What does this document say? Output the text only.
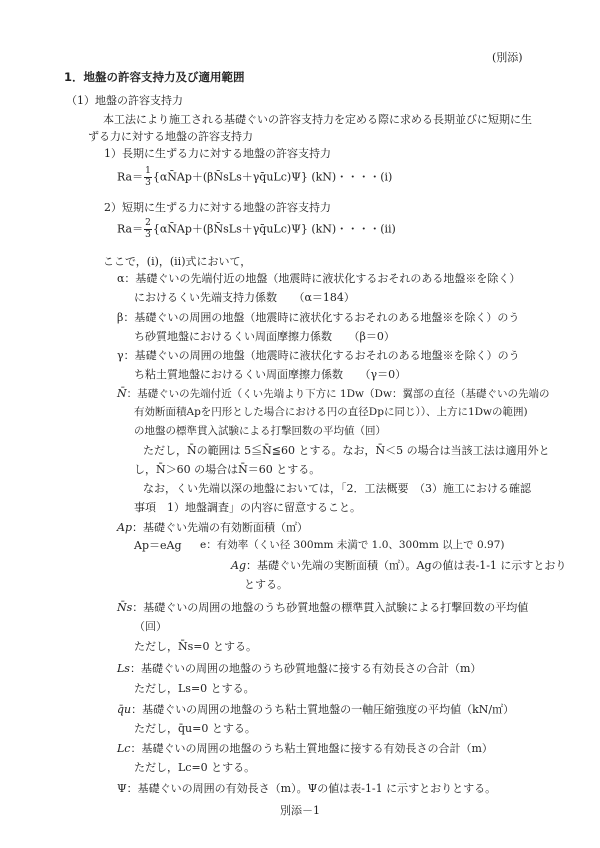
(別添)
1．地盤の許容支持力及び適用範囲
（1）地盤の許容支持力
本工法により施工される基礎ぐいの許容支持力を定める際に求める長期並びに短期に生
ずる力に対する地盤の許容支持力
1）長期に生ずる力に対する地盤の許容支持力
$Ra= \frac{1}{3}$ {αN̄Ap＋(βN̄sLs＋γq̄uLc)Ψ} (kN)・・・・(ⅰ)
2）短期に生ずる力に対する地盤の許容支持力
$Ra= \frac{2}{3}$ {αN̄Ap＋(βN̄sLs＋γq̄uLc)Ψ} (kN)・・・・(ⅱ)
ここで，(ⅰ)，(ⅱ)式において，
α：基礎ぐいの先端付近の地盤（地震時に液状化するおそれのある地盤※を除く）
におけるくい先端支持力係数　　（α＝184）
β：基礎ぐいの周囲の地盤（地震時に液状化するおそれのある地盤※を除く）のう
ち砂質地盤におけるくい周面摩擦力係数　　（β＝0）
γ：基礎ぐいの周囲の地盤（地震時に液状化するおそれのある地盤※を除く）のう
ち粘土質地盤におけるくい周面摩擦力係数　　（γ＝0）
N̄：基礎ぐいの先端付近（くい先端より下方に 1Dw（Dw：翼部の直径（基礎ぐいの先端の
有効断面積Apを円形とした場合における円の直径Dpに同じ））、上方に1Dwの範囲)
の地盤の標準貫入試験による打撃回数の平均値（回）
ただし，N̄の範囲は 5≦N̄≦60 とする。なお，N̄＜5 の場合は当該工法は適用外と
し，N̄＞60 の場合はN̄＝60 とする。
なお，くい先端以深の地盤においては，「2．工法概要　（3）施工における確認
事項　1）地盤調査」の内容に留意すること。
Ap：基礎ぐい先端の有効断面積（㎡）
Ap＝eAg e：有効率（くい径 300mm 未満で 1.0、300mm 以上で 0.97)
Ag：基礎ぐい先端の実断面積（㎡）。Agの値は表-1-1 に示すとおり
とする。
N̄s：基礎ぐいの周囲の地盤のうち砂質地盤の標準貫入試験による打撃回数の平均値
（回）
ただし，N̄s=0 とする。
Ls：基礎ぐいの周囲の地盤のうち砂質地盤に接する有効長さの合計（m）
ただし，Ls=0 とする。
q̄u：基礎ぐいの周囲の地盤のうち粘土質地盤の一軸圧縮強度の平均値（kN/㎡）
ただし，q̄u=0 とする。
Lc：基礎ぐいの周囲の地盤のうち粘土質地盤に接する有効長さの合計（m）
ただし，Lc=0 とする。
Ψ：基礎ぐいの周囲の有効長さ（m）。Ψの値は表-1-1 に示すとおりとする。
別添－1
